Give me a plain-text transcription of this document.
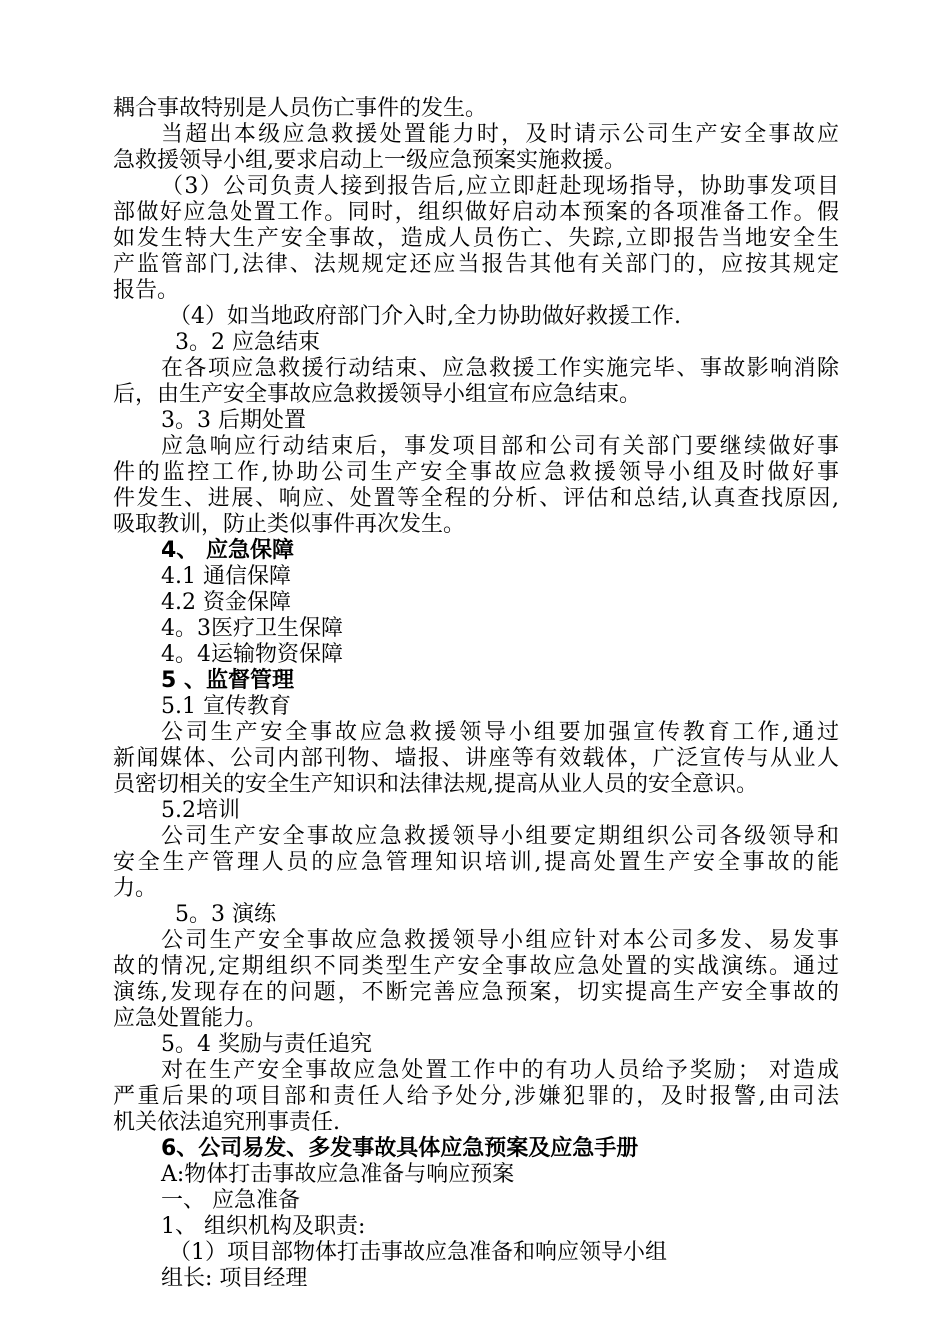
耦合事故特别是人员伤亡事件的发生。
当超出本级应急救援处置能力时，及时请示公司生产安全事故应
急救援领导小组,要求启动上一级应急预案实施救援。
（3）公司负责人接到报告后,应立即赶赴现场指导，协助事发项目
部做好应急处置工作。同时，组织做好启动本预案的各项准备工作。假
如发生特大生产安全事故，造成人员伤亡、失踪,立即报告当地安全生
产监管部门,法律、法规规定还应当报告其他有关部门的，应按其规定
报告。
（4）如当地政府部门介入时,全力协助做好救援工作.
3。2 应急结束
在各项应急救援行动结束、应急救援工作实施完毕、事故影响消除
后，由生产安全事故应急救援领导小组宣布应急结束。
3。3 后期处置
应急响应行动结束后，事发项目部和公司有关部门要继续做好事
件的监控工作,协助公司生产安全事故应急救援领导小组及时做好事
件发生、进展、响应、处置等全程的分析、评估和总结,认真查找原因,
吸取教训，防止类似事件再次发生。
4、 应急保障
4.1 通信保障
4.2 资金保障
4。3医疗卫生保障
4。4运输物资保障
5 、监督管理
5.1 宣传教育
公司生产安全事故应急救援领导小组要加强宣传教育工作,通过
新闻媒体、公司内部刊物、墙报、讲座等有效载体，广泛宣传与从业人
员密切相关的安全生产知识和法律法规,提高从业人员的安全意识。
5.2培训
公司生产安全事故应急救援领导小组要定期组织公司各级领导和
安全生产管理人员的应急管理知识培训,提高处置生产安全事故的能
力。
5。3 演练
公司生产安全事故应急救援领导小组应针对本公司多发、易发事
故的情况,定期组织不同类型生产安全事故应急处置的实战演练。通过
演练,发现存在的问题，不断完善应急预案，切实提高生产安全事故的
应急处置能力。
5。4 奖励与责任追究
对在生产安全事故应急处置工作中的有功人员给予奖励； 对造成
严重后果的项目部和责任人给予处分,涉嫌犯罪的，及时报警,由司法
机关依法追究刑事责任.
6、公司易发、多发事故具体应急预案及应急手册
A:物体打击事故应急准备与响应预案
一、 应急准备
1、 组织机构及职责:
（1）项目部物体打击事故应急准备和响应领导小组
组长: 项目经理
